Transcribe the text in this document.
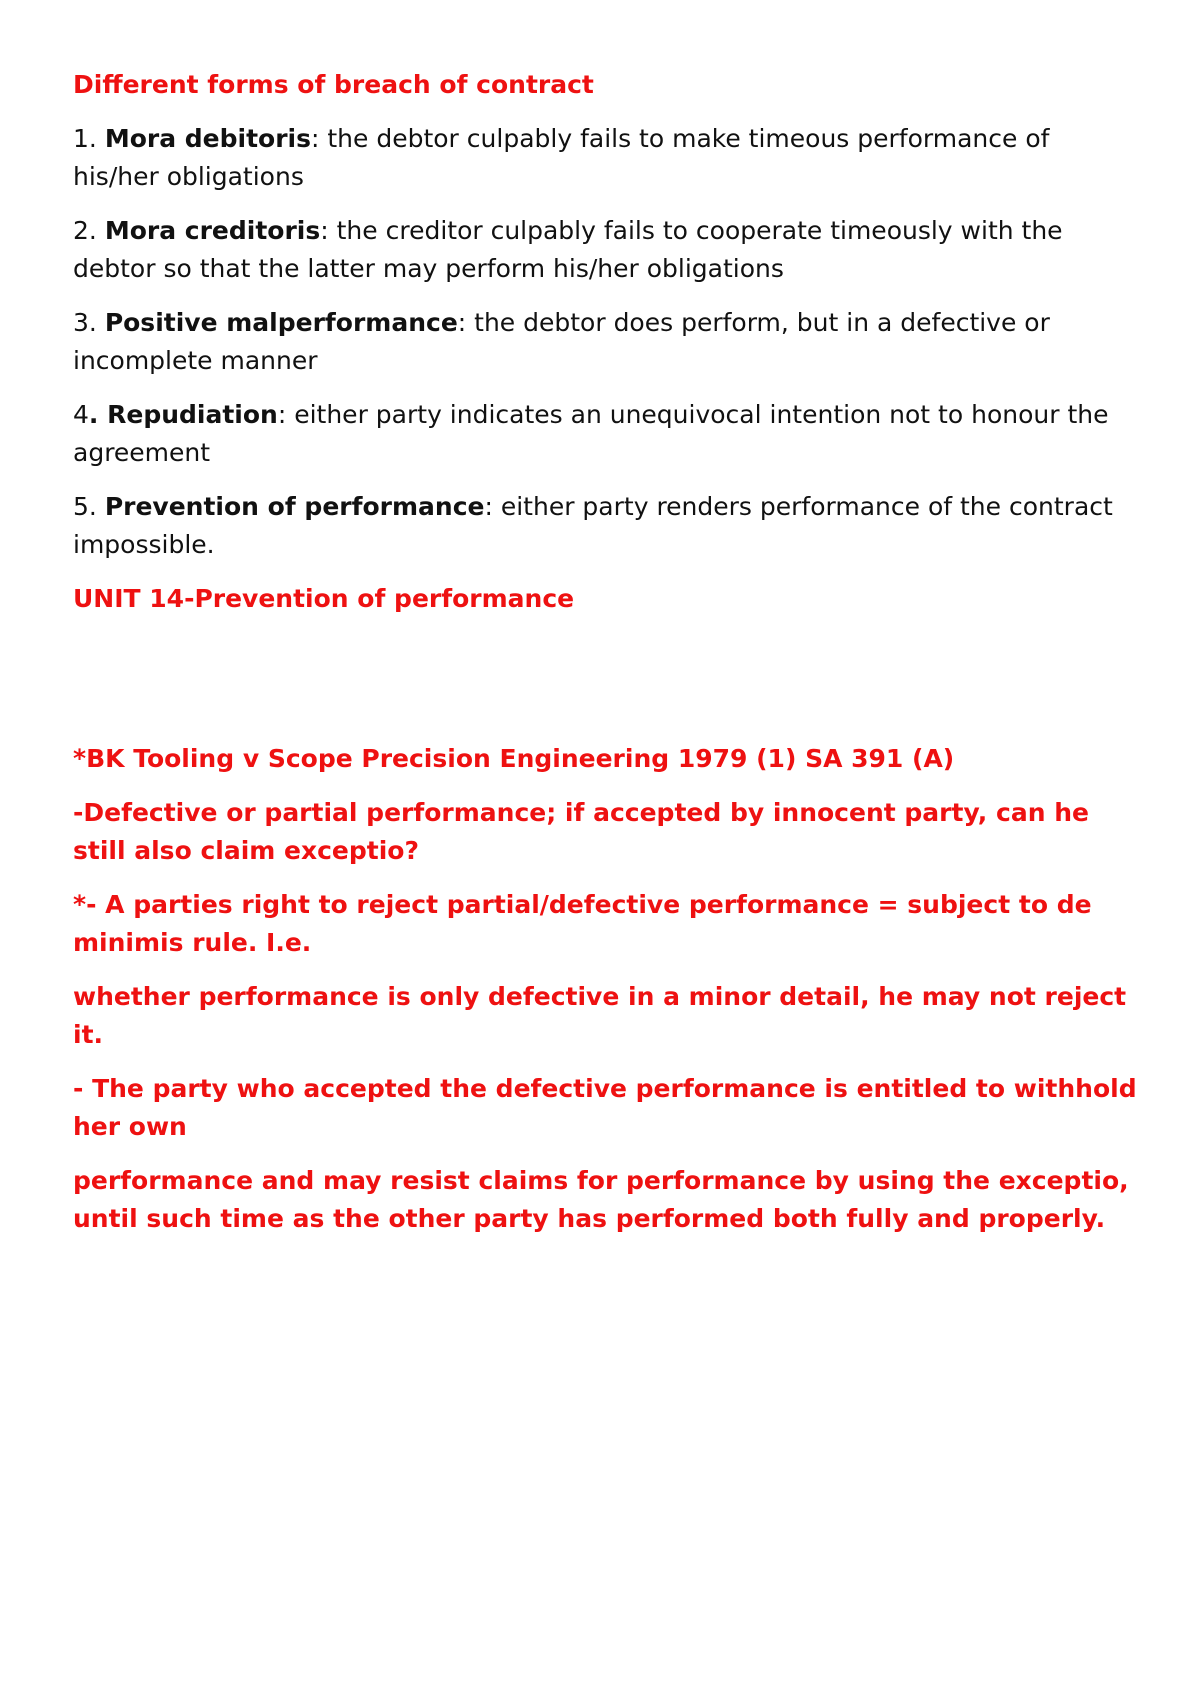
Different forms of breach of contract

1. Mora debitoris: the debtor culpably fails to make timeous performance of his/her obligations

2. Mora creditoris: the creditor culpably fails to cooperate timeously with the debtor so that the latter may perform his/her obligations

3. Positive malperformance: the debtor does perform, but in a defective or incomplete manner

4. Repudiation: either party indicates an unequivocal intention not to honour the agreement

5. Prevention of performance: either party renders performance of the contract impossible.

UNIT 14-Prevention of performance

*BK Tooling v Scope Precision Engineering 1979 (1) SA 391 (A)

-Defective or partial performance; if accepted by innocent party, can he still also claim exceptio?

*- A parties right to reject partial/defective performance = subject to de minimis rule. I.e.

whether performance is only defective in a minor detail, he may not reject it.

- The party who accepted the defective performance is entitled to withhold her own

performance and may resist claims for performance by using the exceptio, until such time as the other party has performed both fully and properly.
